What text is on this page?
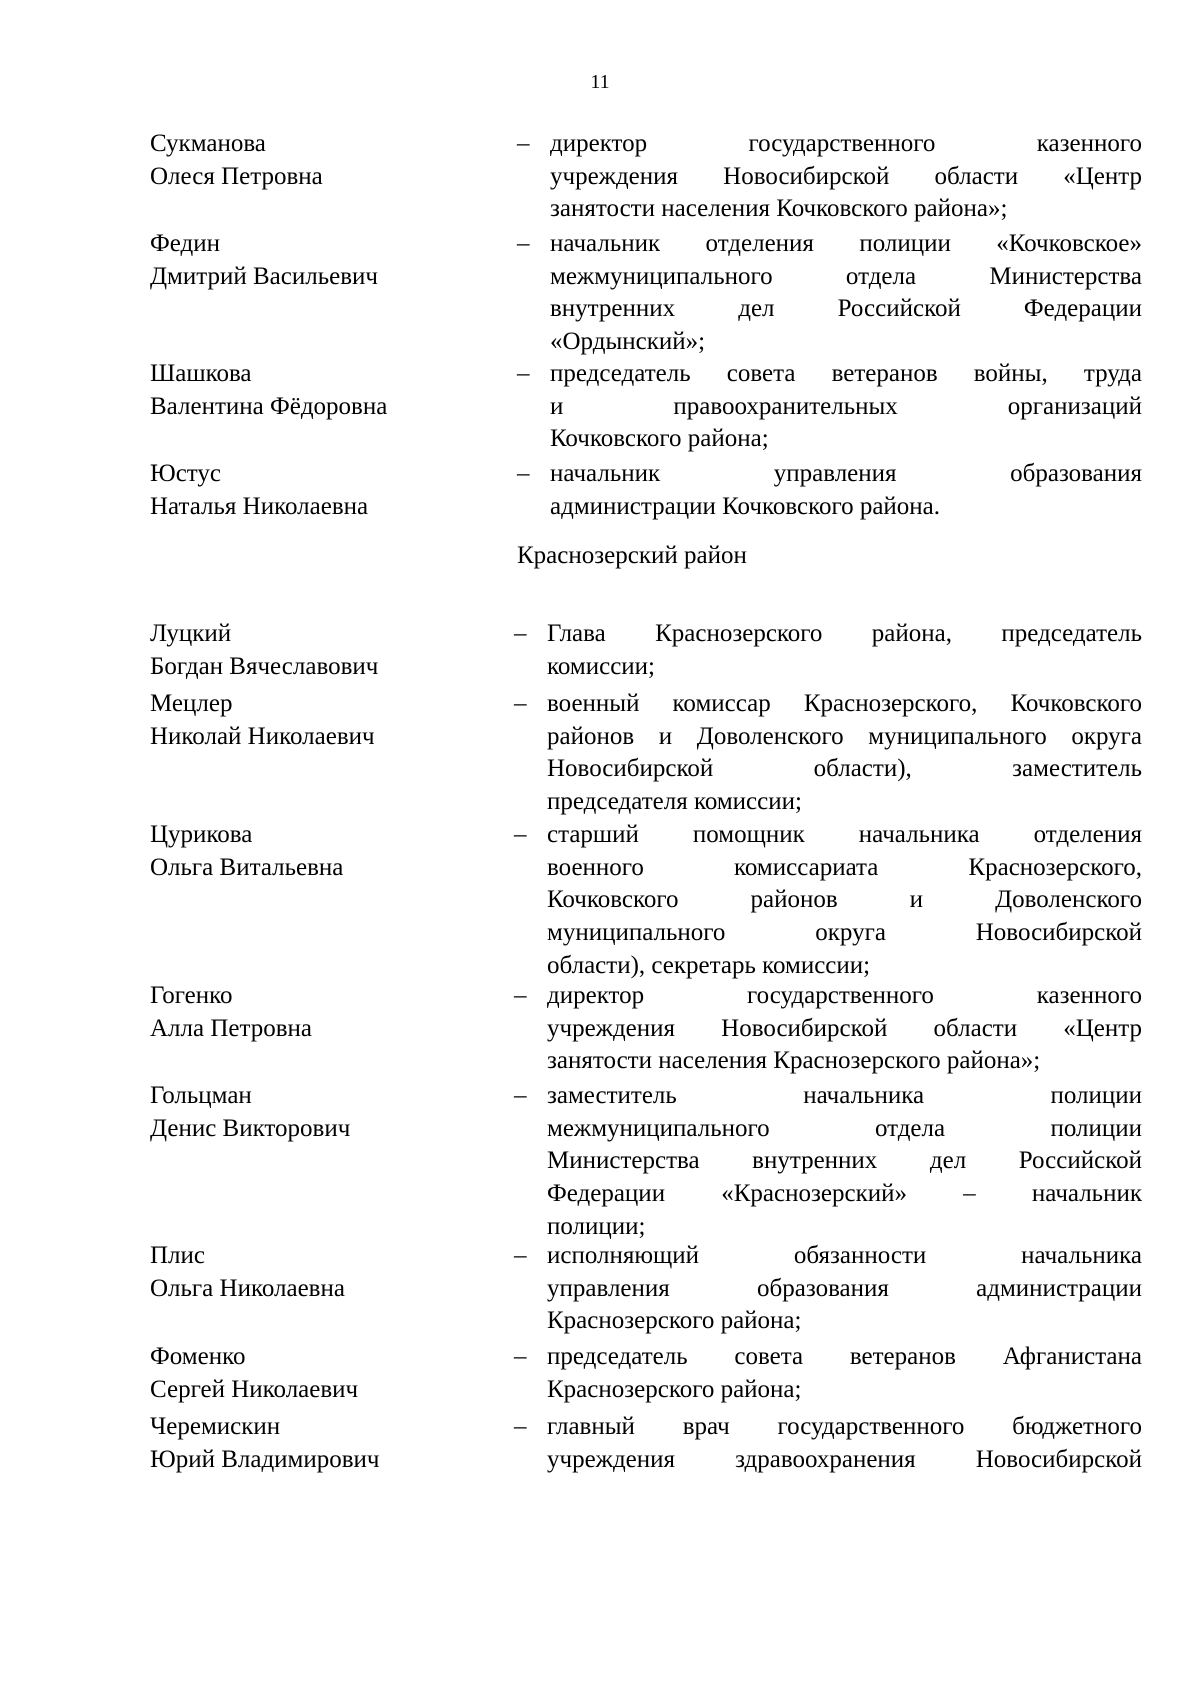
11
Сукманова
Олеся Петровна
– директор государственного казенного
учреждения Новосибирской области «Центр
занятости населения Кочковского района»;
Федин
Дмитрий Васильевич
– начальник отделения полиции «Кочковское»
межмуниципального отдела Министерства
внутренних дел Российской Федерации
«Ордынский»;
Шашкова
Валентина Фёдоровна
– председатель совета ветеранов войны, труда
и правоохранительных организаций
Кочковского района;
Юстус
Наталья Николаевна
– начальник управления образования
администрации Кочковского района.
Краснозерский район
Луцкий
Богдан Вячеславович
– Глава Краснозерского района, председатель
комиссии;
Мецлер
Николай Николаевич
– военный комиссар Краснозерского, Кочковского
районов и Доволенского муниципального округа
Новосибирской области), заместитель
председателя комиссии;
Цурикова
Ольга Витальевна
– старший помощник начальника отделения
военного комиссариата Краснозерского,
Кочковского районов и Доволенского
муниципального округа Новосибирской
области), секретарь комиссии;
Гогенко
Алла Петровна
– директор государственного казенного
учреждения Новосибирской области «Центр
занятости населения Краснозерского района»;
Гольцман
Денис Викторович
– заместитель начальника полиции
межмуниципального отдела полиции
Министерства внутренних дел Российской
Федерации «Краснозерский» – начальник
полиции;
Плис
Ольга Николаевна
– исполняющий обязанности начальника
управления образования администрации
Краснозерского района;
Фоменко
Сергей Николаевич
– председатель совета ветеранов Афганистана
Краснозерского района;
Черемискин
Юрий Владимирович
– главный врач государственного бюджетного
учреждения здравоохранения Новосибирской
